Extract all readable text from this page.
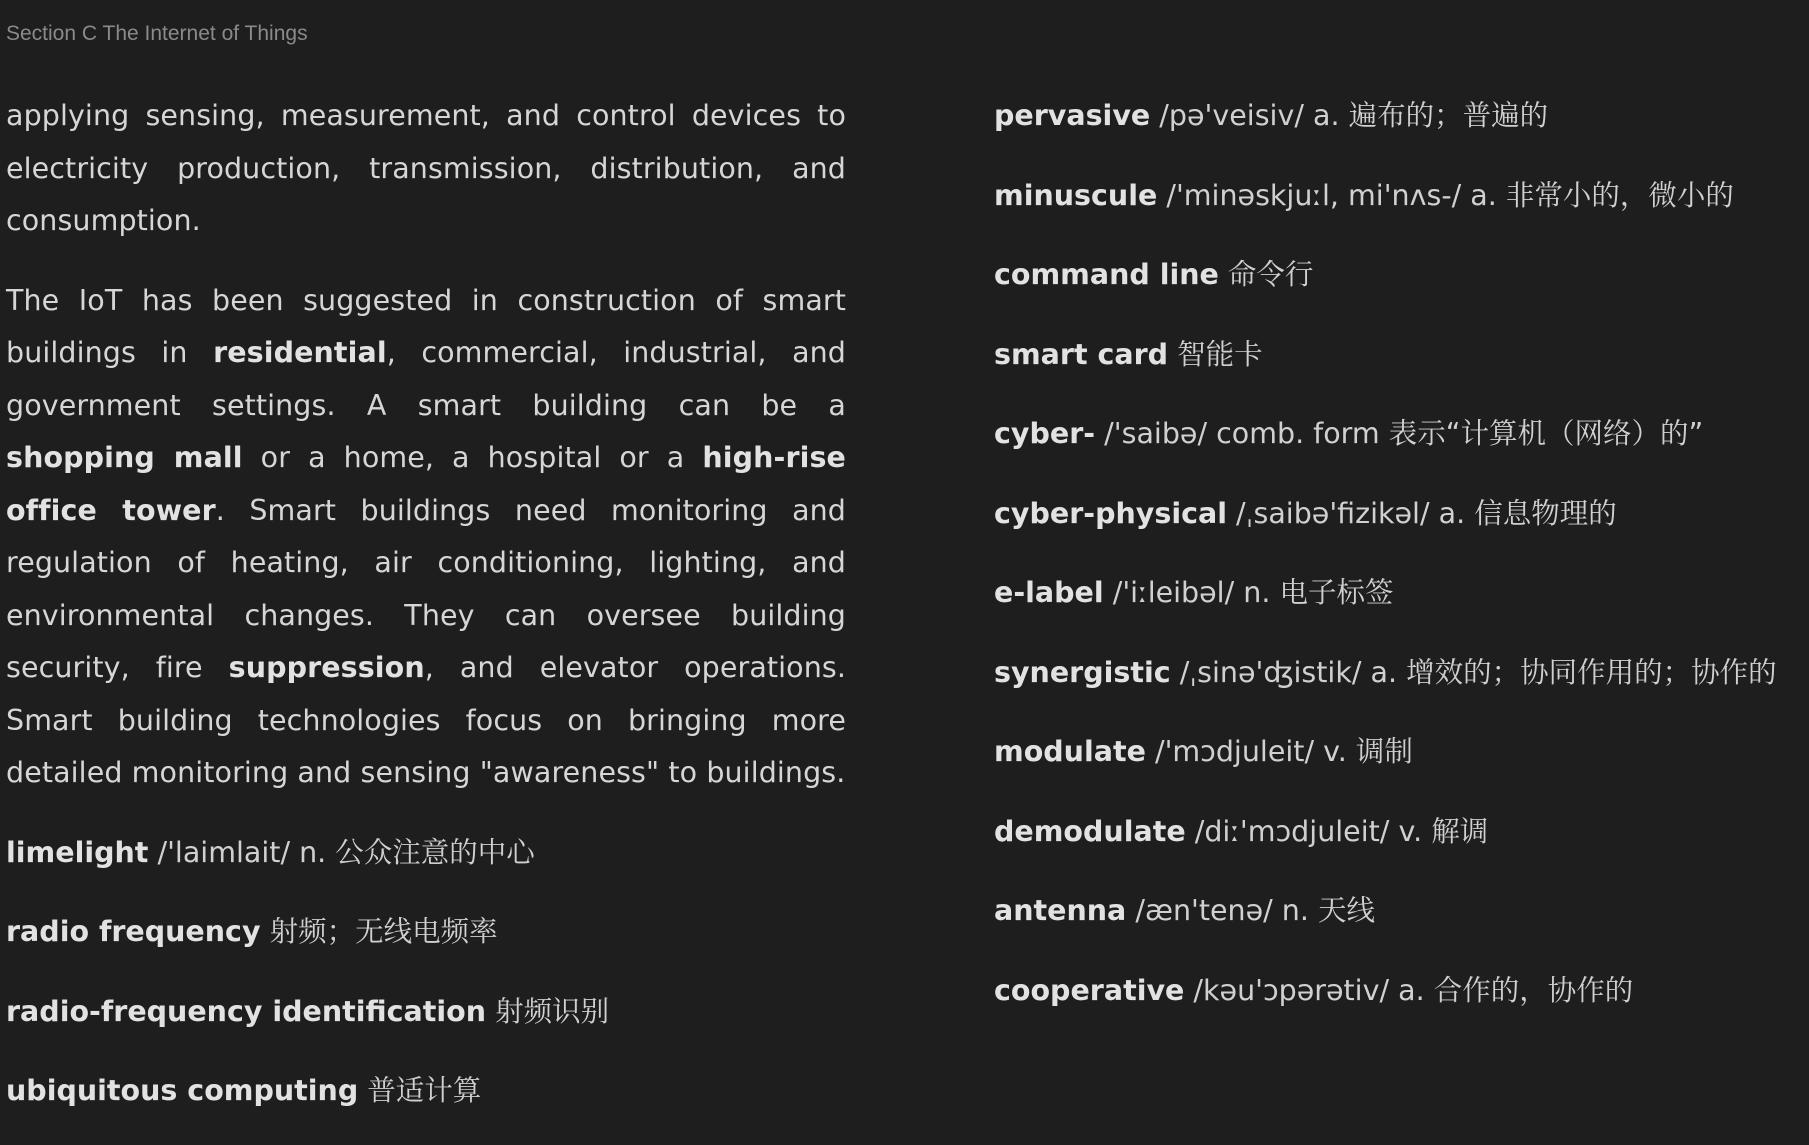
Section C The Internet of Things

applying sensing, measurement, and control devices to electricity production, transmission, distribution, and consumption.

The IoT has been suggested in construction of smart buildings in residential, commercial, industrial, and government settings. A smart building can be a shopping mall or a home, a hospital or a high-rise office tower. Smart buildings need monitoring and regulation of heating, air conditioning, lighting, and environmental changes. They can oversee building security, fire suppression, and elevator operations. Smart building technologies focus on bringing more detailed monitoring and sensing "awareness" to buildings.

limelight /'laimlait/ n. 公众注意的中心
radio frequency 射频；无线电频率
radio-frequency identification 射频识别
ubiquitous computing 普适计算
pervasive /pə'veisiv/ a. 遍布的；普遍的
minuscule /'minəskjuːl, mi'nʌs-/ a. 非常小的，微小的
command line 命令行
smart card 智能卡
cyber- /'saibə/ comb. form 表示“计算机（网络）的”
cyber-physical /ˌsaibə'fizikəl/ a. 信息物理的
e-label /'iːleibəl/ n. 电子标签
synergistic /ˌsinə'ʤistik/ a. 增效的；协同作用的；协作的
modulate /'mɔdjuleit/ v. 调制
demodulate /diː'mɔdjuleit/ v. 解调
antenna /æn'tenə/ n. 天线
cooperative /kəu'ɔpərətiv/ a. 合作的，协作的
